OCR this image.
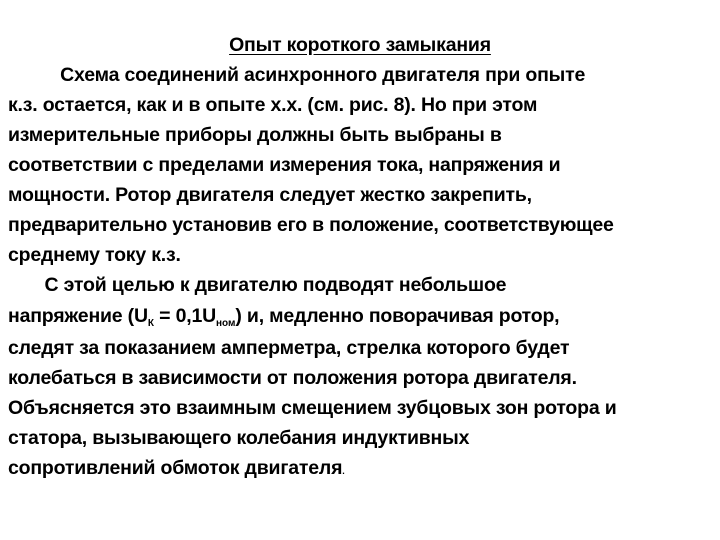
Опыт короткого замыкания
Схема соединений асинхронного двигателя при опыте
к.з. остается, как и в опыте х.х. (см. рис. 8). Но при этом
измерительные приборы должны быть выбраны в
соответствии с пределами измерения тока, напряжения и
мощности. Ротор двигателя следует жестко закрепить,
предварительно установив его в положение, соответствующее
среднему току к.з.
С этой целью к двигателю подводят небольшое
напряжение $(U_К = 0,1U_{ном})$ и, медленно поворачивая ротор,
следят за показанием амперметра, стрелка которого будет
колебаться в зависимости от положения ротора двигателя.
Объясняется это взаимным смещением зубцовых зон ротора и
статора, вызывающего колебания индуктивных
сопротивлений обмоток двигателя.
